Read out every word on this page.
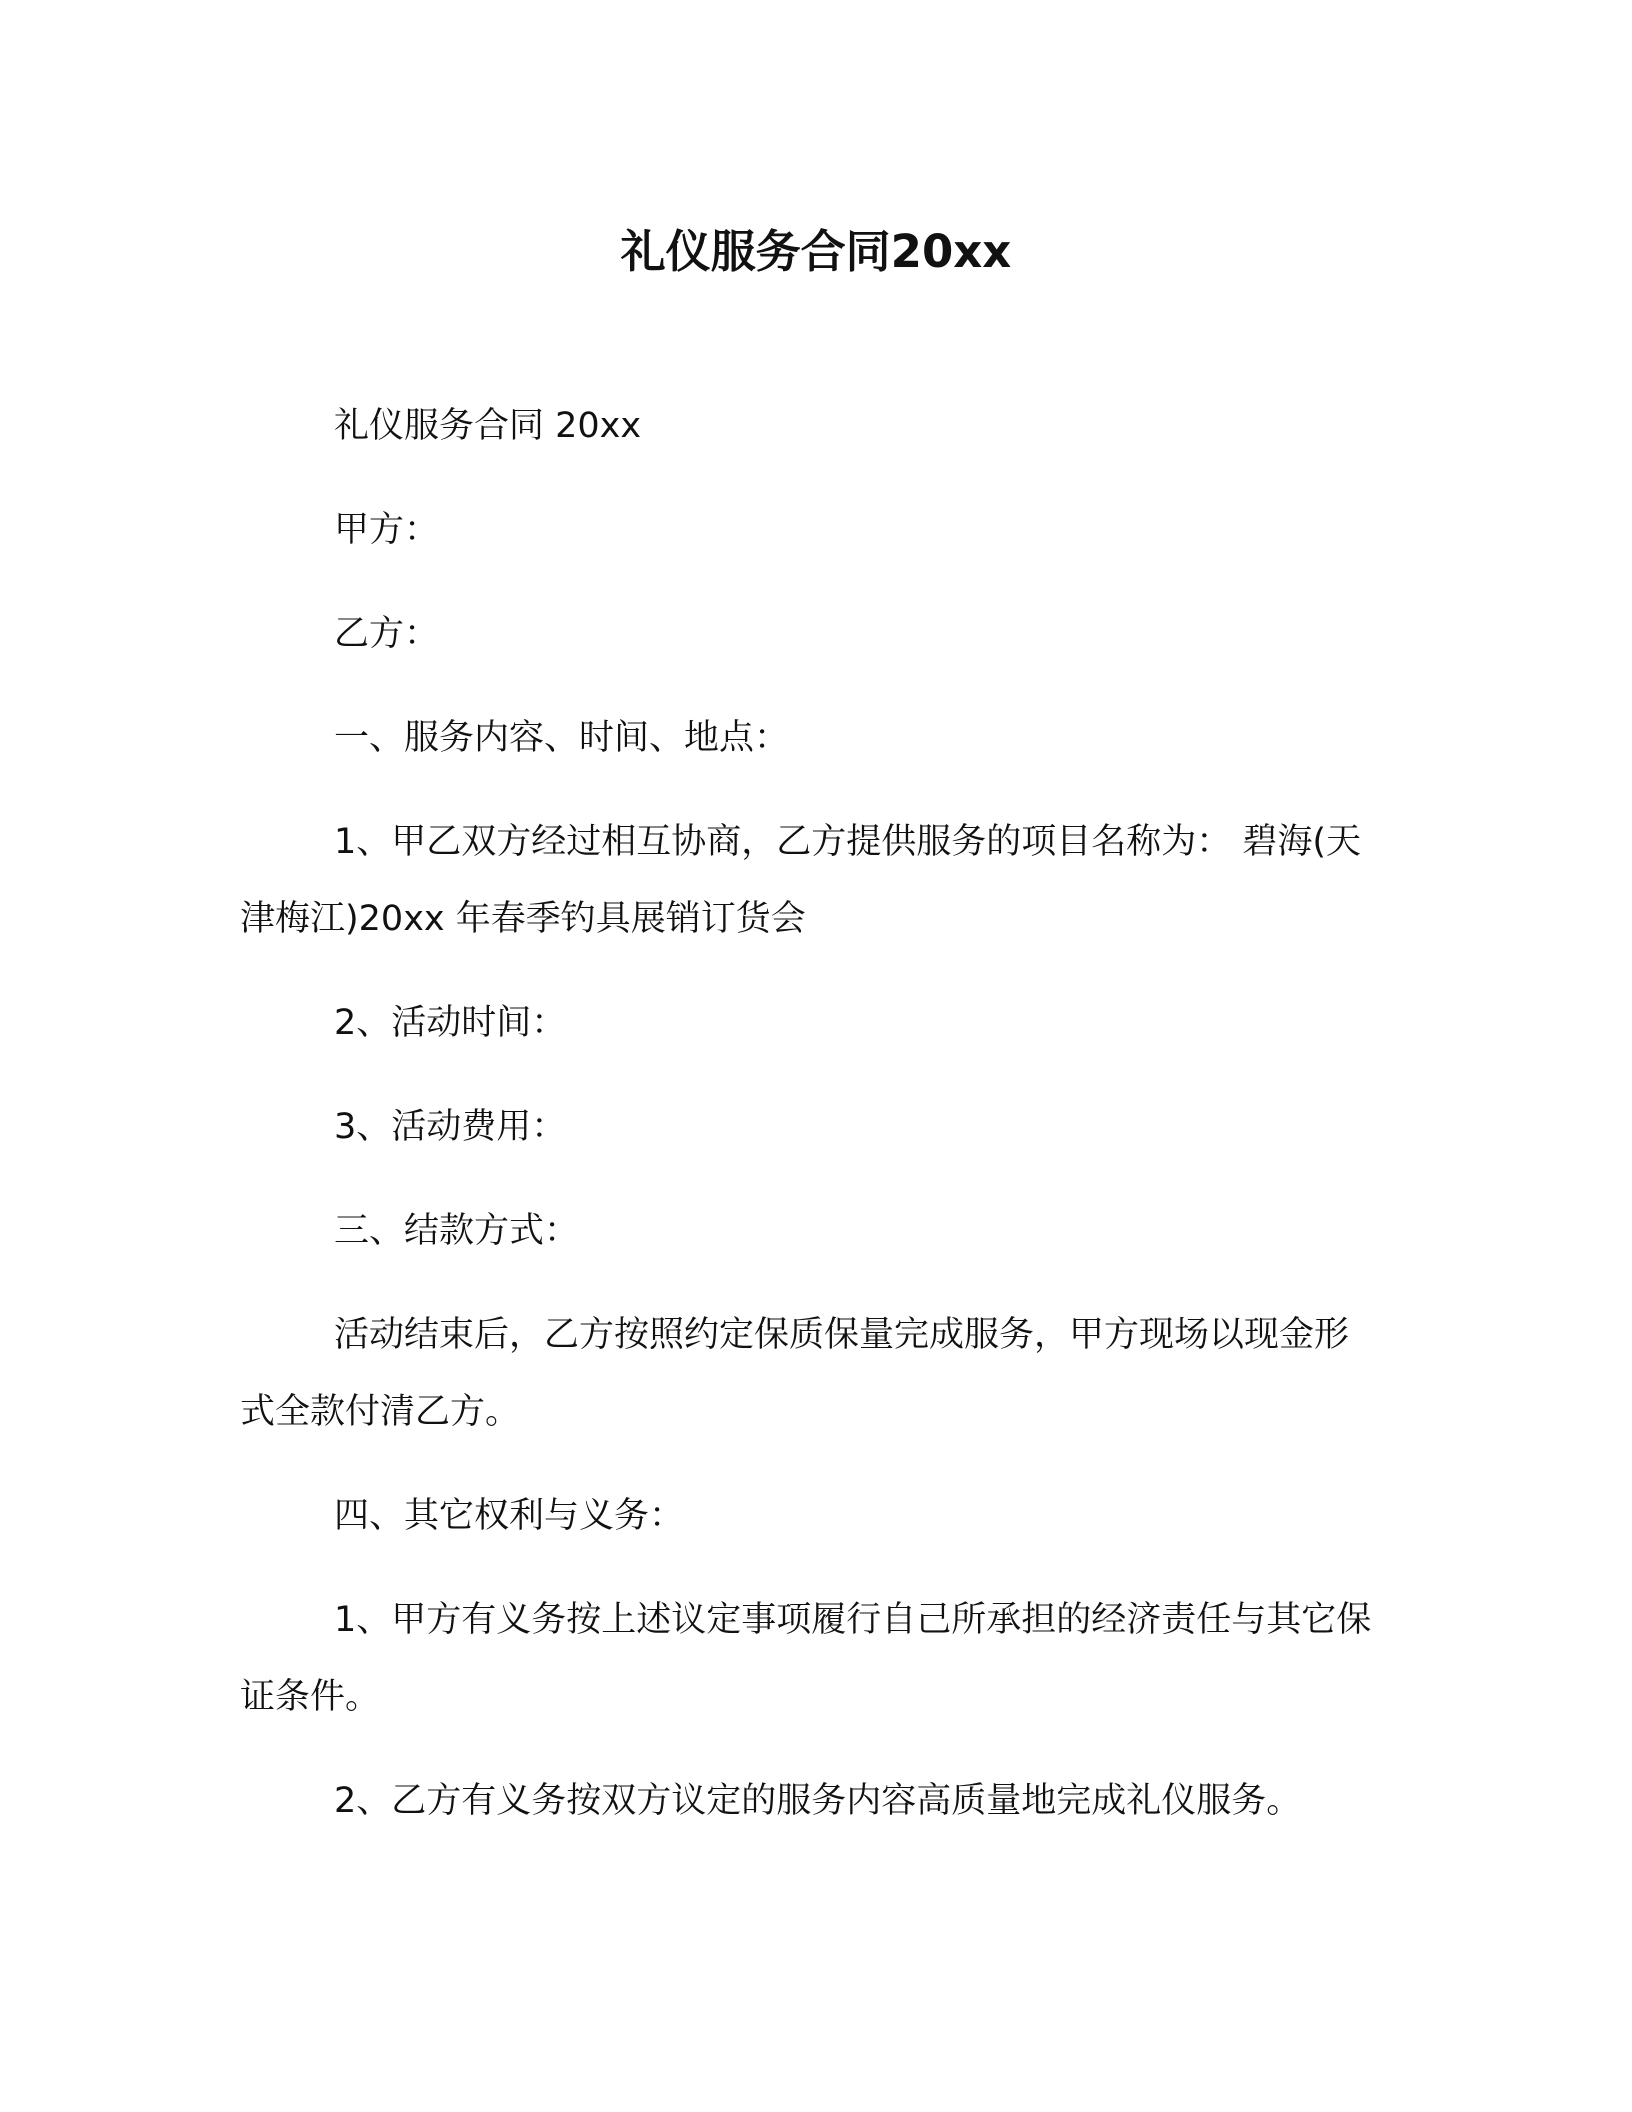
礼仪服务合同20xx

礼仪服务合同 20xx

甲方：

乙方：

一、服务内容、时间、地点：

1、甲乙双方经过相互协商，乙方提供服务的项目名称为： 碧海(天津梅江)20xx 年春季钓具展销订货会

2、活动时间：

3、活动费用：

三、结款方式：

活动结束后，乙方按照约定保质保量完成服务，甲方现场以现金形式全款付清乙方。

四、其它权利与义务：

1、甲方有义务按上述议定事项履行自己所承担的经济责任与其它保证条件。

2、乙方有义务按双方议定的服务内容高质量地完成礼仪服务。
